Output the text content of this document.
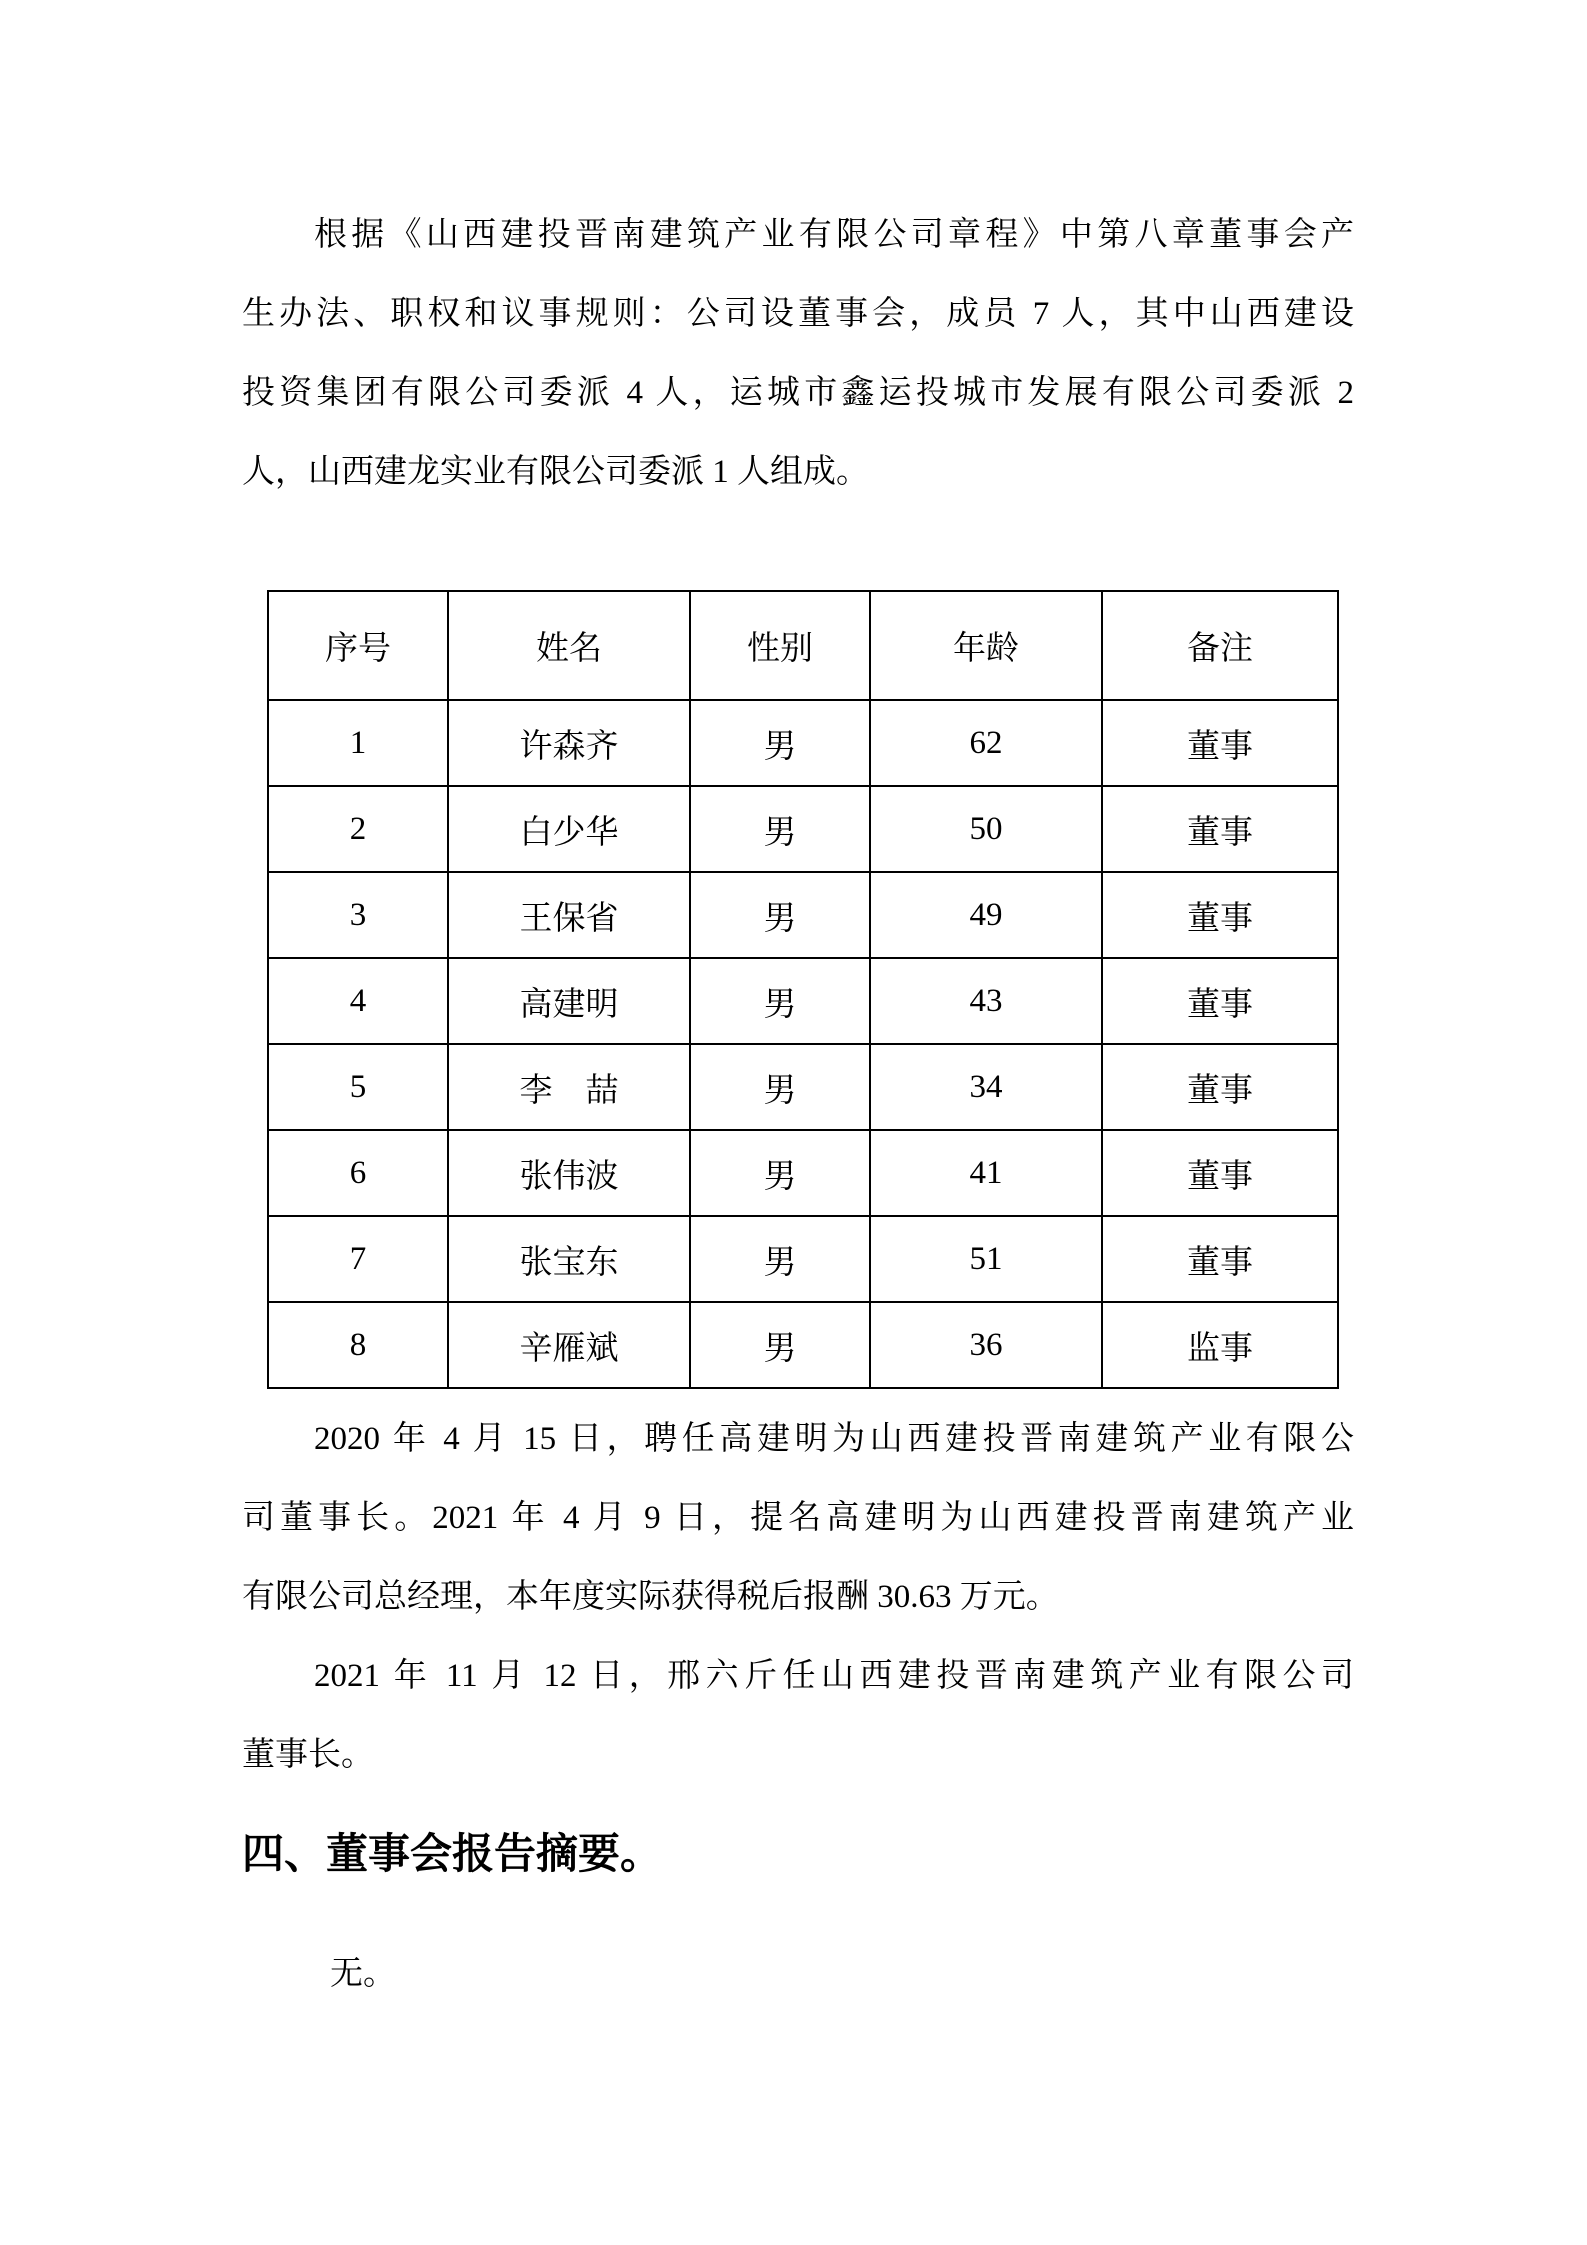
根据《山西建投晋南建筑产业有限公司章程》中第八章董事会产
生办法、职权和议事规则：公司设董事会，成员 7 人，其中山西建设
投资集团有限公司委派 4 人，运城市鑫运投城市发展有限公司委派 2
人，山西建龙实业有限公司委派 1 人组成。

序号	姓名	性别	年龄	备注
1	许森齐	男	62	董事
2	白少华	男	50	董事
3	王保省	男	49	董事
4	高建明	男	43	董事
5	李　喆	男	34	董事
6	张伟波	男	41	董事
7	张宝东	男	51	董事
8	辛雁斌	男	36	监事

2020 年 4 月 15 日，聘任高建明为山西建投晋南建筑产业有限公
司董事长。2021 年 4 月 9 日，提名高建明为山西建投晋南建筑产业
有限公司总经理，本年度实际获得税后报酬 30.63 万元。

2021 年 11 月 12 日，邢六斤任山西建投晋南建筑产业有限公司
董事长。

四、董事会报告摘要。

无。
